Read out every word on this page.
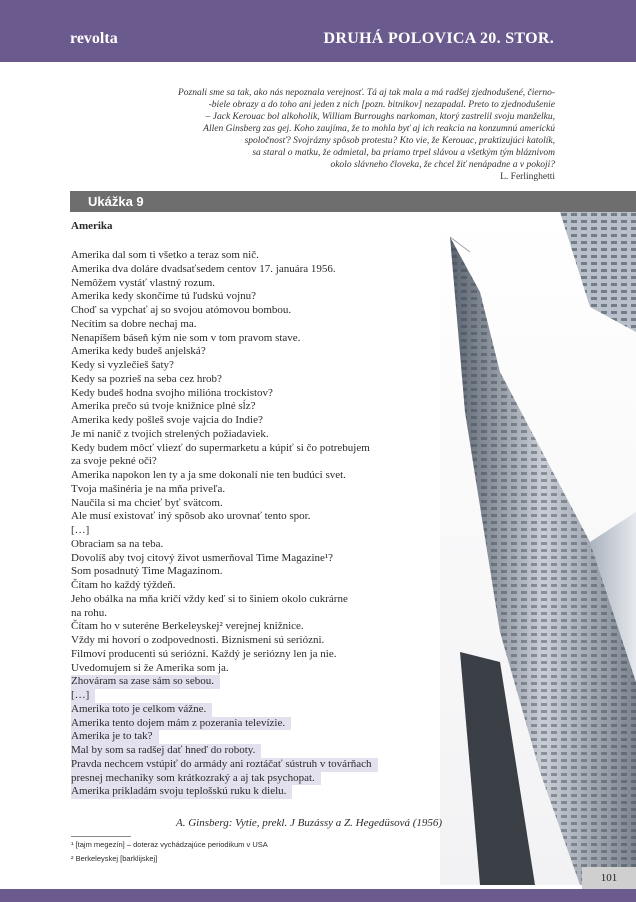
revolta	DRUHÁ POLOVICA 20. STOR.
Poznali sme sa tak, ako nás nepoznala verejnosť. Tá aj tak mala a má radšej zjednodušené, čierno-
-biele obrazy a do toho ani jeden z nich [pozn. bitnikov] nezapadal. Preto to zjednodušenie
– Jack Kerouac bol alkoholik, William Burroughs narkoman, ktorý zastrelil svoju manželku,
Allen Ginsberg zas gej. Koho zaujíma, že to mohla byť aj ich reakcia na konzumnú americkú
spoločnosť? Svojrázny spôsob protestu? Kto vie, že Kerouac, praktizujúci katolík,
sa staral o matku, že odmietal, ba priamo trpel slávou a všetkým tým bláznivom
okolo slávneho človeka, že chcel žiť nenápadne a v pokoji?
L. Ferlinghetti
Ukážka 9
Amerika
Amerika dal som ti všetko a teraz som nič.
Amerika dva doláre dvadsaťsedem centov 17. januára 1956.
Nemôžem vystáť vlastný rozum.
Amerika kedy skončíme tú ľudskú vojnu?
Choď sa vypchať aj so svojou atómovou bombou.
Necítim sa dobre nechaj ma.
Nenapíšem báseň kým nie som v tom pravom stave.
Amerika kedy budeš anjelská?
Kedy si vyzlečieš šaty?
Kedy sa pozrieš na seba cez hrob?
Kedy budeš hodna svojho milióna trockistov?
Amerika prečo sú tvoje knižnice plné sĺz?
Amerika kedy pošleš svoje vajcia do Indie?
Je mi nanič z tvojich strelených požiadaviek.
Kedy budem môcť vliezť do supermarketu a kúpiť si čo potrebujem
za svoje pekné oči?
Amerika napokon len ty a ja sme dokonalí nie ten budúci svet.
Tvoja mašinéria je na mňa priveľa.
Naučila si ma chcieť byť svätcom.
Ale musí existovať iný spôsob ako urovnať tento spor.
[…]
Obraciam sa na teba.
Dovolíš aby tvoj citový život usmerňoval Time Magazine¹?
Som posadnutý Time Magazinom.
Čítam ho každý týždeň.
Jeho obálka na mňa kričí vždy keď si to šiniem okolo cukrárne
na rohu.
Čítam ho v suteréne Berkeleyskej² verejnej knižnice.
Vždy mi hovorí o zodpovednosti. Biznismeni sú seriózni.
Filmoví producenti sú seriózni. Každý je seriózny len ja nie.
Uvedomujem si že Amerika som ja.
Zhováram sa zase sám so sebou.
[…]
Amerika toto je celkom vážne.
Amerika tento dojem mám z pozerania televízie.
Amerika je to tak?
Mal by som sa radšej dať hneď do roboty.
Pravda nechcem vstúpiť do armády ani roztáčať sústruh v továrňach
presnej mechaniky som krátkozraký a aj tak psychopat.
Amerika prikladám svoju teplošskú ruku k dielu.
A. Ginsberg: Vytie, prekl. J Buzássy a Z. Hegedüsová (1956)
¹ [tajm megezín] – doteraz vychádzajúce periodikum v USA
² Berkeleyskej [barklijskej]
101
